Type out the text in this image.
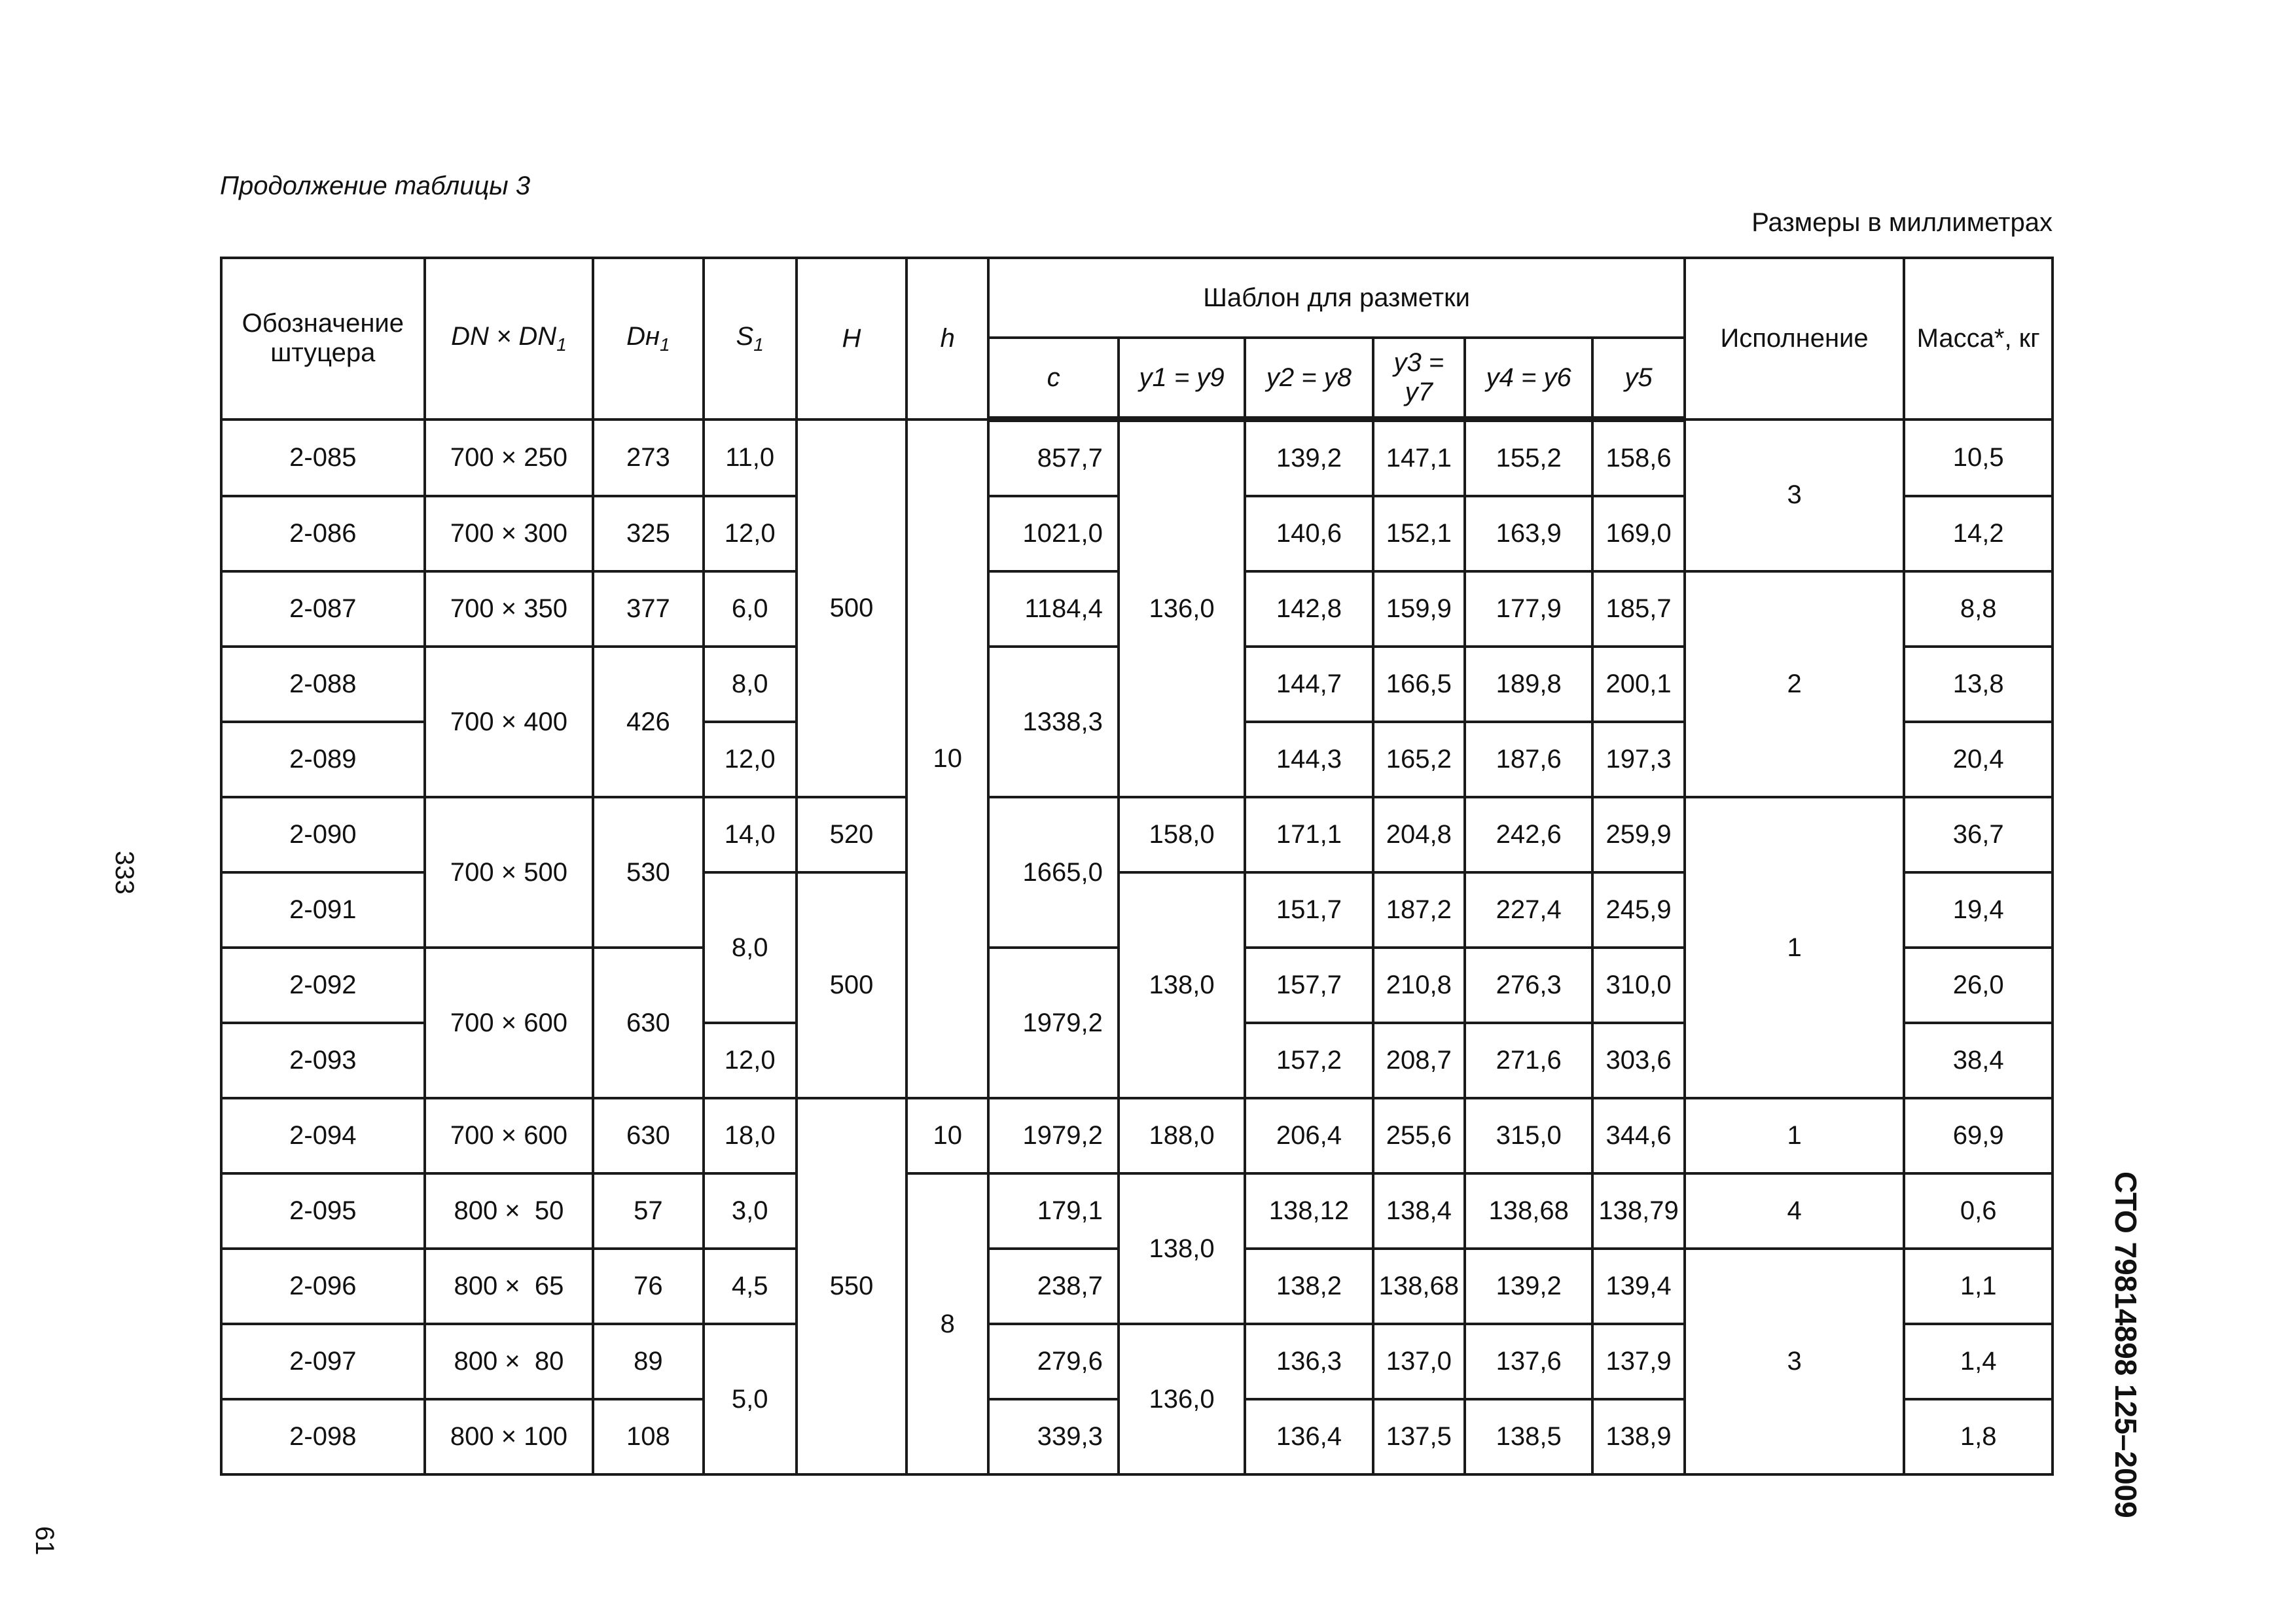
Продолжение таблицы 3
Размеры в миллиметрах
333
61
СТО 79814898 125–2009
Обозначение штуцера	DN × $DN_1$	$Dн_1$	$S_1$	H	h	Шаблон для разметки						Исполнение	Масса*, кг
						c	y1 = y9	y2 = y8	y3 = y7	y4 = y6	y5		
2-085	700 × 250	273	11,0	500	10	857,7	136,0	139,2	147,1	155,2	158,6	3	10,5
2-086	700 × 300	325	12,0			1021,0		140,6	152,1	163,9	169,0		14,2
2-087	700 × 350	377	6,0			1184,4		142,8	159,9	177,9	185,7	2	8,8
2-088	700 × 400	426	8,0			1338,3		144,7	166,5	189,8	200,1		13,8
2-089			12,0					144,3	165,2	187,6	197,3		20,4
2-090	700 × 500	530	14,0	520		1665,0	158,0	171,1	204,8	242,6	259,9	1	36,7
2-091			8,0	500			138,0	151,7	187,2	227,4	245,9		19,4
2-092	700 × 600	630				1979,2		157,7	210,8	276,3	310,0		26,0
2-093			12,0					157,2	208,7	271,6	303,6		38,4
2-094	700 × 600	630	18,0	550	10	1979,2	188,0	206,4	255,6	315,0	344,6	1	69,9
2-095	800 ×  50	57	3,0		8	179,1	138,0	138,12	138,4	138,68	138,79	4	0,6
2-096	800 ×  65	76	4,5			238,7		138,2	138,68	139,2	139,4	3	1,1
2-097	800 ×  80	89	5,0			279,6	136,0	136,3	137,0	137,6	137,9		1,4
2-098	800 × 100	108				339,3		136,4	137,5	138,5	138,9		1,8
